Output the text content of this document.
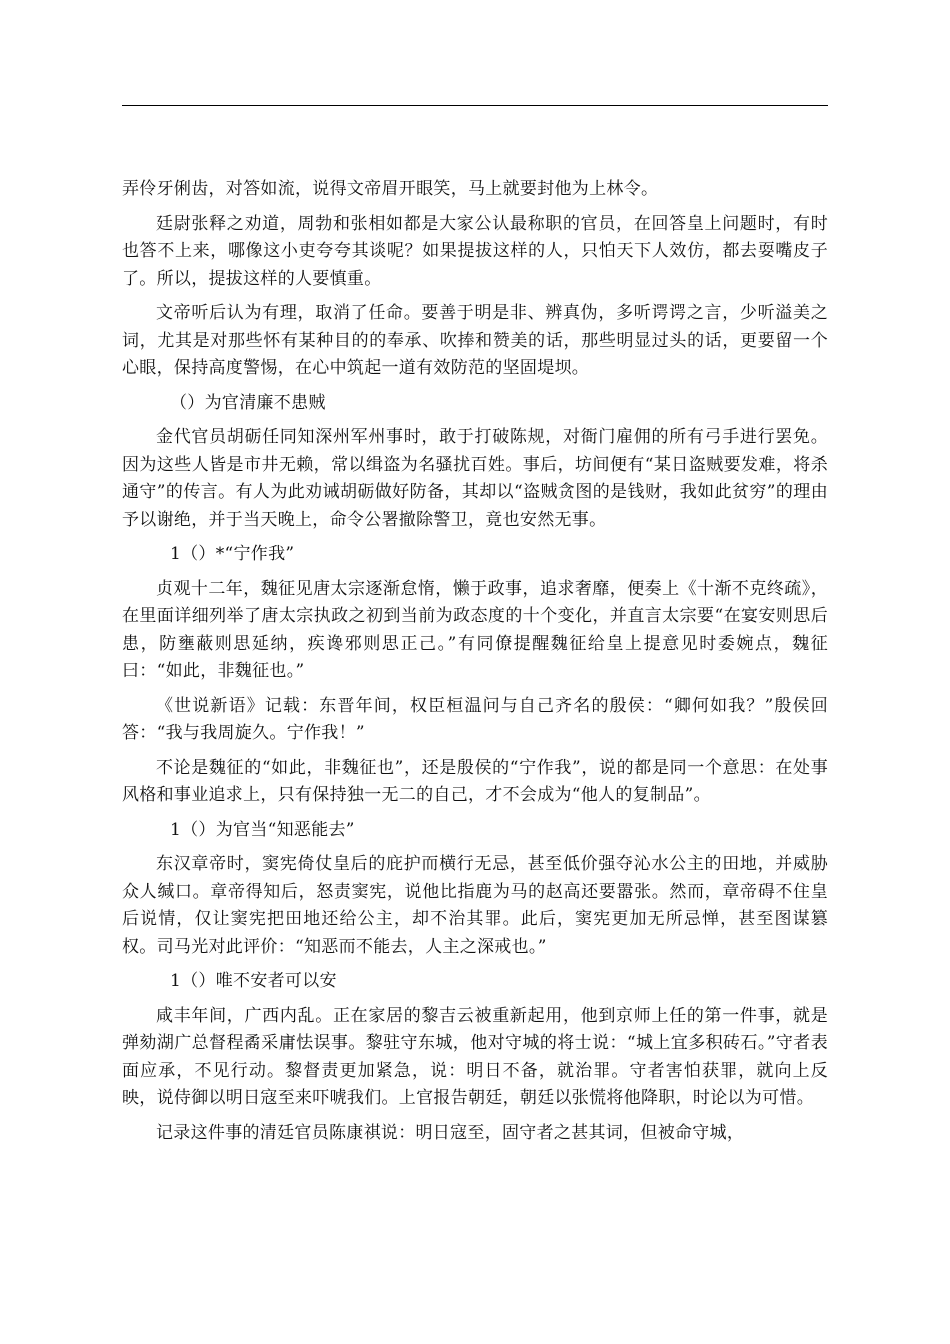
弄伶牙俐齿，对答如流，说得文帝眉开眼笑，马上就要封他为上林令。

廷尉张释之劝道，周勃和张相如都是大家公认最称职的官员，在回答皇上问题时，有时也答不上来，哪像这小吏夸夸其谈呢？如果提拔这样的人，只怕天下人效仿，都去耍嘴皮子了。所以，提拔这样的人要慎重。

文帝听后认为有理，取消了任命。要善于明是非、辨真伪，多听谔谔之言，少听溢美之词，尤其是对那些怀有某种目的的奉承、吹捧和赞美的话，那些明显过头的话，更要留一个心眼，保持高度警惕，在心中筑起一道有效防范的坚固堤坝。

（）为官清廉不患贼

金代官员胡砺任同知深州军州事时，敢于打破陈规，对衙门雇佣的所有弓手进行罢免。因为这些人皆是市井无赖，常以缉盗为名骚扰百姓。事后，坊间便有“某日盗贼要发难，将杀通守”的传言。有人为此劝诫胡砺做好防备，其却以“盗贼贪图的是钱财，我如此贫穷”的理由予以谢绝，并于当天晚上，命令公署撤除警卫，竟也安然无事。

1（）*“宁作我”

贞观十二年，魏征见唐太宗逐渐怠惰，懒于政事，追求奢靡，便奏上《十渐不克终疏》，在里面详细列举了唐太宗执政之初到当前为政态度的十个变化，并直言太宗要“在宴安则思后患，防壅蔽则思延纳，疾谗邪则思正己。”有同僚提醒魏征给皇上提意见时委婉点，魏征曰：“如此，非魏征也。”

《世说新语》记载：东晋年间，权臣桓温问与自己齐名的殷侯：“卿何如我？”殷侯回答：“我与我周旋久。宁作我！”

不论是魏征的“如此，非魏征也”，还是殷侯的“宁作我”，说的都是同一个意思：在处事风格和事业追求上，只有保持独一无二的自己，才不会成为“他人的复制品”。

1（）为官当“知恶能去”

东汉章帝时，窦宪倚仗皇后的庇护而横行无忌，甚至低价强夺沁水公主的田地，并威胁众人缄口。章帝得知后，怒责窦宪，说他比指鹿为马的赵高还要嚣张。然而，章帝碍不住皇后说情，仅让窦宪把田地还给公主，却不治其罪。此后，窦宪更加无所忌惮，甚至图谋篡权。司马光对此评价：“知恶而不能去，人主之深戒也。”

1（）唯不安者可以安

咸丰年间，广西内乱。正在家居的黎吉云被重新起用，他到京师上任的第一件事，就是弹劾湖广总督程矞采庸怯误事。黎驻守东城，他对守城的将士说：“城上宜多积砖石。”守者表面应承，不见行动。黎督责更加紧急，说：明日不备，就治罪。守者害怕获罪，就向上反映，说侍御以明日寇至来吓唬我们。上官报告朝廷，朝廷以张慌将他降职，时论以为可惜。

记录这件事的清廷官员陈康祺说：明日寇至，固守者之甚其词，但被命守城，
